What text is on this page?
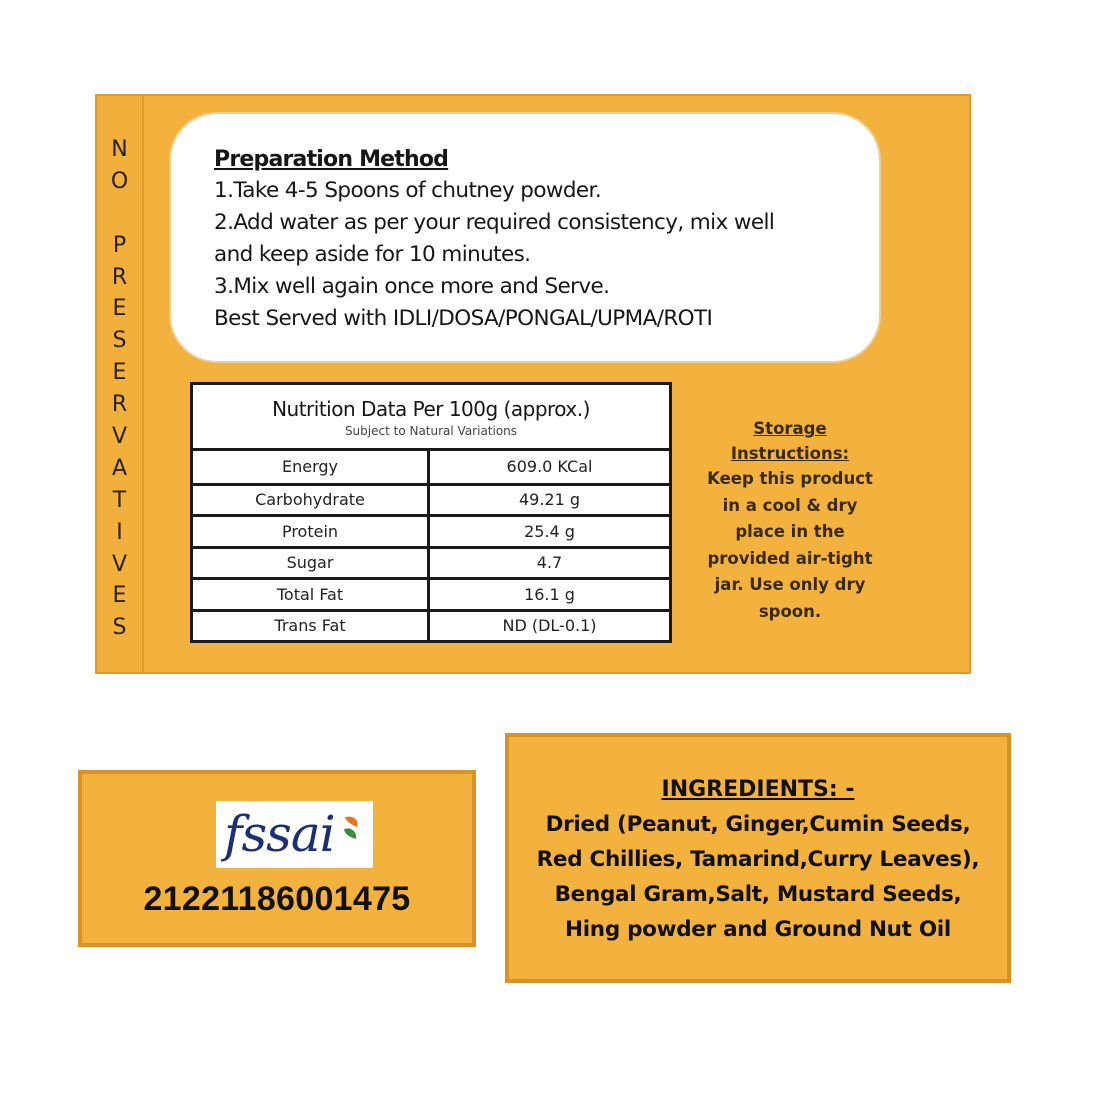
N
O
P
R
E
S
E
R
V
A
T
I
V
E
S
Preparation Method
1.Take 4-5 Spoons of chutney powder.
2.Add water as per your required consistency, mix well
and keep aside for 10 minutes.
3.Mix well again once more and Serve.
Best Served with IDLI/DOSA/PONGAL/UPMA/ROTI
Nutrition Data Per 100g (approx.)
Subject to Natural Variations
Energy	609.0 KCal
Carbohydrate	49.21 g
Protein	25.4 g
Sugar	4.7
Total Fat	16.1 g
Trans Fat	ND (DL-0.1)
Storage
Instructions:
Keep this product
in a cool & dry
place in the
provided air-tight
jar. Use only dry
spoon.
fssai
21221186001475
INGREDIENTS: -
Dried (Peanut, Ginger,Cumin Seeds,
Red Chillies, Tamarind,Curry Leaves),
Bengal Gram,Salt, Mustard Seeds,
Hing powder and Ground Nut Oil
